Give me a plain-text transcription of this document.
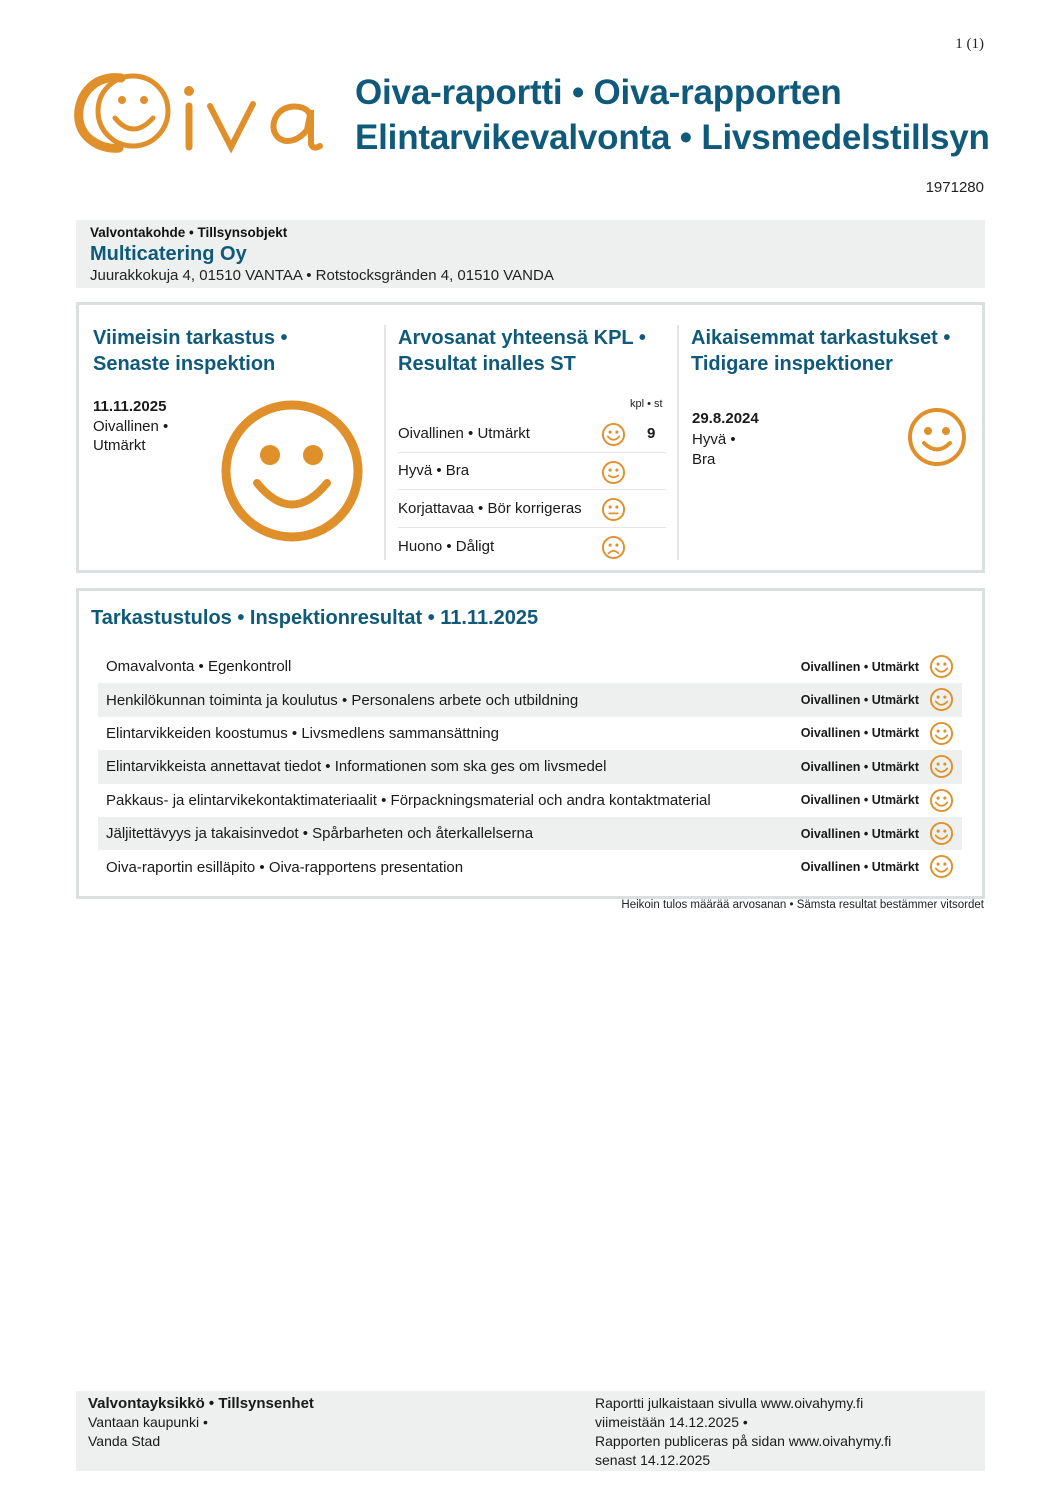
1 (1)
Oiva-raportti • Oiva-rapporten
Elintarvikevalvonta • Livsmedelstillsyn
1971280
Valvontakohde • Tillsynsobjekt
Multicatering Oy
Juurakkokuja 4, 01510 VANTAA • Rotstocksgränden 4, 01510 VANDA
Viimeisin tarkastus •
Senaste inspektion
11.11.2025
Oivallinen •
Utmärkt
Arvosanat yhteensä KPL •
Resultat inalles ST
kpl • st
Oivallinen • Utmärkt	9
Hyvä • Bra
Korjattavaa • Bör korrigeras
Huono • Dåligt
Aikaisemmat tarkastukset •
Tidigare inspektioner
29.8.2024
Hyvä •
Bra
Tarkastustulos • Inspektionresultat • 11.11.2025
Omavalvonta • Egenkontroll	Oivallinen • Utmärkt
Henkilökunnan toiminta ja koulutus • Personalens arbete och utbildning	Oivallinen • Utmärkt
Elintarvikkeiden koostumus • Livsmedlens sammansättning	Oivallinen • Utmärkt
Elintarvikkeista annettavat tiedot • Informationen som ska ges om livsmedel	Oivallinen • Utmärkt
Pakkaus- ja elintarvikekontaktimateriaalit • Förpackningsmaterial och andra kontaktmaterial	Oivallinen • Utmärkt
Jäljitettävyys ja takaisinvedot • Spårbarheten och återkallelserna	Oivallinen • Utmärkt
Oiva-raportin esilläpito • Oiva-rapportens presentation	Oivallinen • Utmärkt
Heikoin tulos määrää arvosanan • Sämsta resultat bestämmer vitsordet
Valvontayksikkö • Tillsynsenhet
Vantaan kaupunki •
Vanda Stad
Raportti julkaistaan sivulla www.oivahymy.fi
viimeistään 14.12.2025 •
Rapporten publiceras på sidan www.oivahymy.fi
senast 14.12.2025
